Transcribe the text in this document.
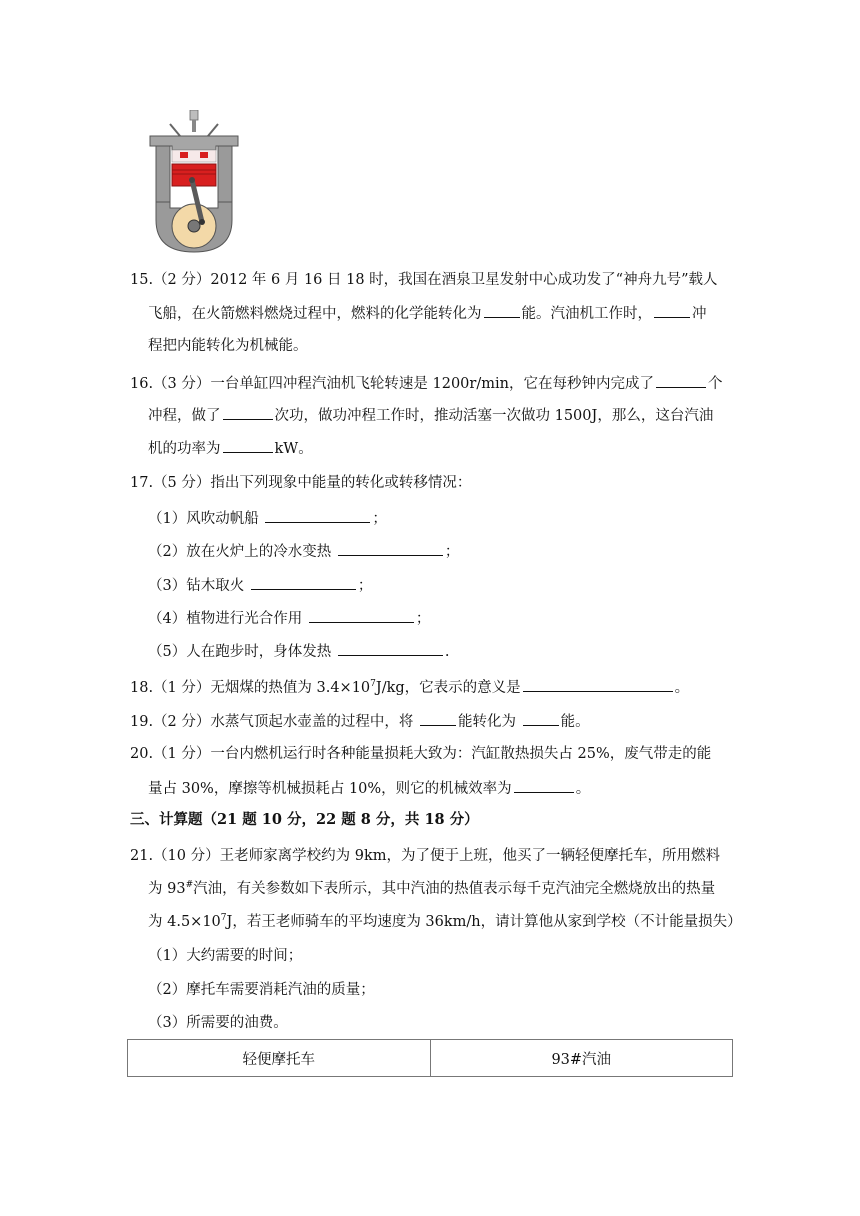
15.（2 分）2012 年 6 月 16 日 18 时，我国在酒泉卫星发射中心成功发了“神舟九号”载人
飞船，在火箭燃料燃烧过程中，燃料的化学能转化为	能。汽油机工作时，	冲
程把内能转化为机械能。
16.（3 分）一台单缸四冲程汽油机飞轮转速是 1200r/min，它在每秒钟内完成了	个
冲程，做了	次功，做功冲程工作时，推动活塞一次做功 1500J，那么，这台汽油
机的功率为	kW。
17.（5 分）指出下列现象中能量的转化或转移情况：
（1）风吹动帆船	；
（2）放在火炉上的冷水变热	；
（3）钻木取火	；
（4）植物进行光合作用	；
（5）人在跑步时，身体发热	.
18.（1 分）无烟煤的热值为 $3.4\times 10^7J/kg$，它表示的意义是	。
19.（2 分）水蒸气顶起水壶盖的过程中，将	能转化为	能。
20.（1 分）一台内燃机运行时各种能量损耗大致为：汽缸散热损失占 25%，废气带走的能
量占 30%，摩擦等机械损耗占 10%，则它的机械效率为	。
三、计算题（21 题 10 分，22 题 8 分，共 18 分）
21.（10 分）王老师家离学校约为 9km，为了便于上班，他买了一辆轻便摩托车，所用燃料
为 93#汽油，有关参数如下表所示，其中汽油的热值表示每千克汽油完全燃烧放出的热量
为 $4.5\times 10^7J$，若王老师骑车的平均速度为 36km/h，请计算他从家到学校（不计能量损失）
（1）大约需要的时间；
（2）摩托车需要消耗汽油的质量；
（3）所需要的油费。
轻便摩托车	93#汽油
